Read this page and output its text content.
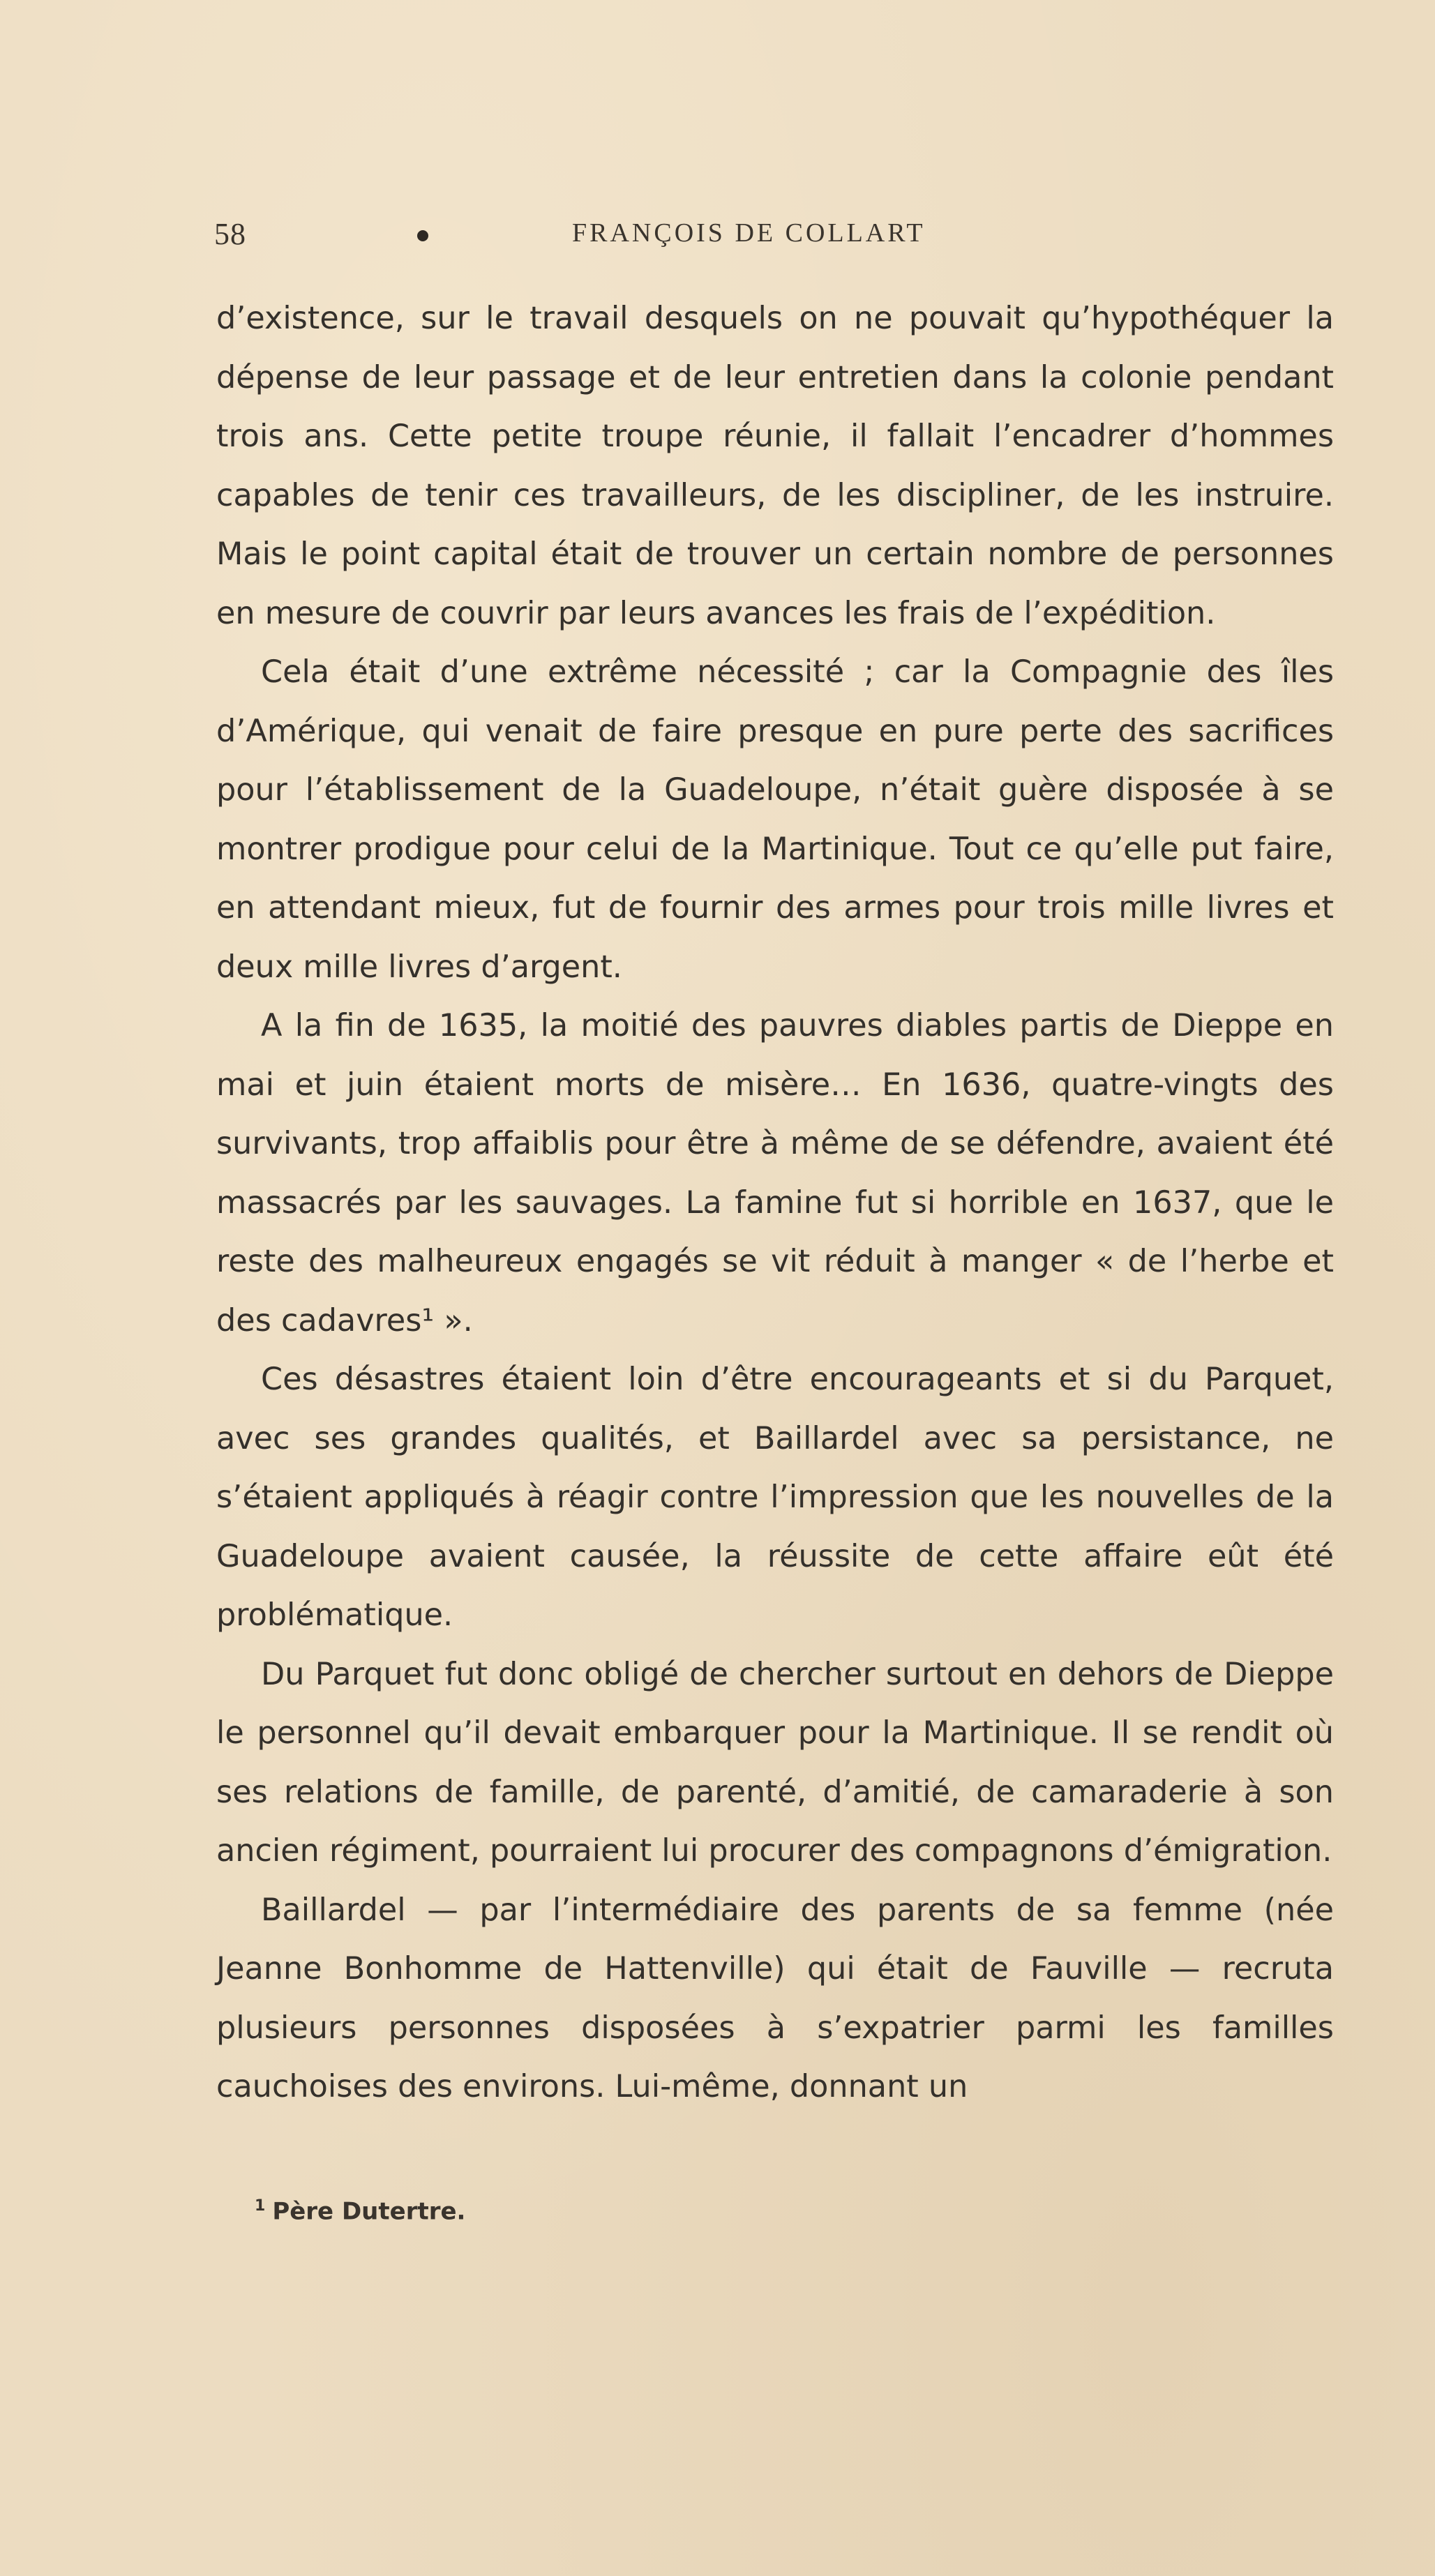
58	FRANÇOIS DE COLLART

d’existence, sur le travail desquels on ne pouvait qu’hypothéquer la dépense de leur passage et de leur entretien dans la colonie pendant trois ans. Cette petite troupe réunie, il fallait l’encadrer d’hommes capables de tenir ces travailleurs, de les discipliner, de les instruire. Mais le point capital était de trouver un certain nombre de personnes en mesure de couvrir par leurs avances les frais de l’expédition.

Cela était d’une extrême nécessité ; car la Compagnie des îles d’Amérique, qui venait de faire presque en pure perte des sacrifices pour l’établissement de la Guadeloupe, n’était guère disposée à se montrer prodigue pour celui de la Martinique. Tout ce qu’elle put faire, en attendant mieux, fut de fournir des armes pour trois mille livres et deux mille livres d’argent.

A la fin de 1635, la moitié des pauvres diables partis de Dieppe en mai et juin étaient morts de misère… En 1636, quatre-vingts des survivants, trop affaiblis pour être à même de se défendre, avaient été massacrés par les sauvages. La famine fut si horrible en 1637, que le reste des malheureux engagés se vit réduit à manger « de l’herbe et des cadavres¹ ».

Ces désastres étaient loin d’être encourageants et si du Parquet, avec ses grandes qualités, et Baillardel avec sa persistance, ne s’étaient appliqués à réagir contre l’impression que les nouvelles de la Guadeloupe avaient causée, la réussite de cette affaire eût été problématique.

Du Parquet fut donc obligé de chercher surtout en dehors de Dieppe le personnel qu’il devait embarquer pour la Martinique. Il se rendit où ses relations de famille, de parenté, d’amitié, de camaraderie à son ancien régiment, pourraient lui procurer des compagnons d’émigration.

Baillardel — par l’intermédiaire des parents de sa femme (née Jeanne Bonhomme de Hattenville) qui était de Fauville — recruta plusieurs personnes disposées à s’expatrier parmi les familles cauchoises des environs. Lui-même, donnant un

$^1$ Père Dutertre.
